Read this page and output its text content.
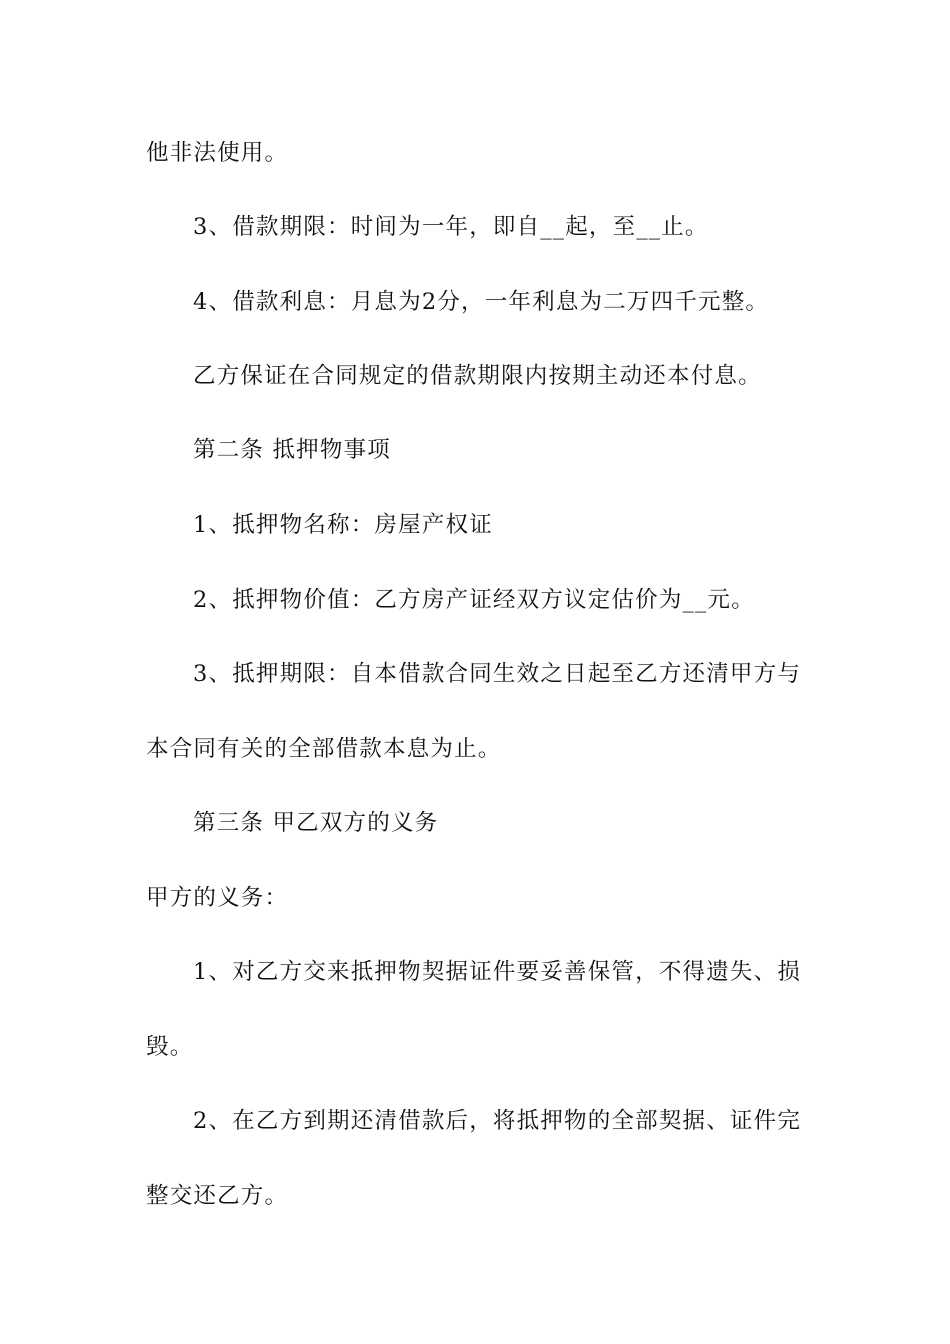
他非法使用。
3、借款期限：时间为一年，即自__起，至__止。
4、借款利息：月息为2分，一年利息为二万四千元整。
乙方保证在合同规定的借款期限内按期主动还本付息。
第二条 抵押物事项
1、抵押物名称：房屋产权证
2、抵押物价值：乙方房产证经双方议定估价为__元。
3、抵押期限：自本借款合同生效之日起至乙方还清甲方与
本合同有关的全部借款本息为止。
第三条 甲乙双方的义务
甲方的义务：
1、对乙方交来抵押物契据证件要妥善保管，不得遗失、损
毁。
2、在乙方到期还清借款后，将抵押物的全部契据、证件完
整交还乙方。
